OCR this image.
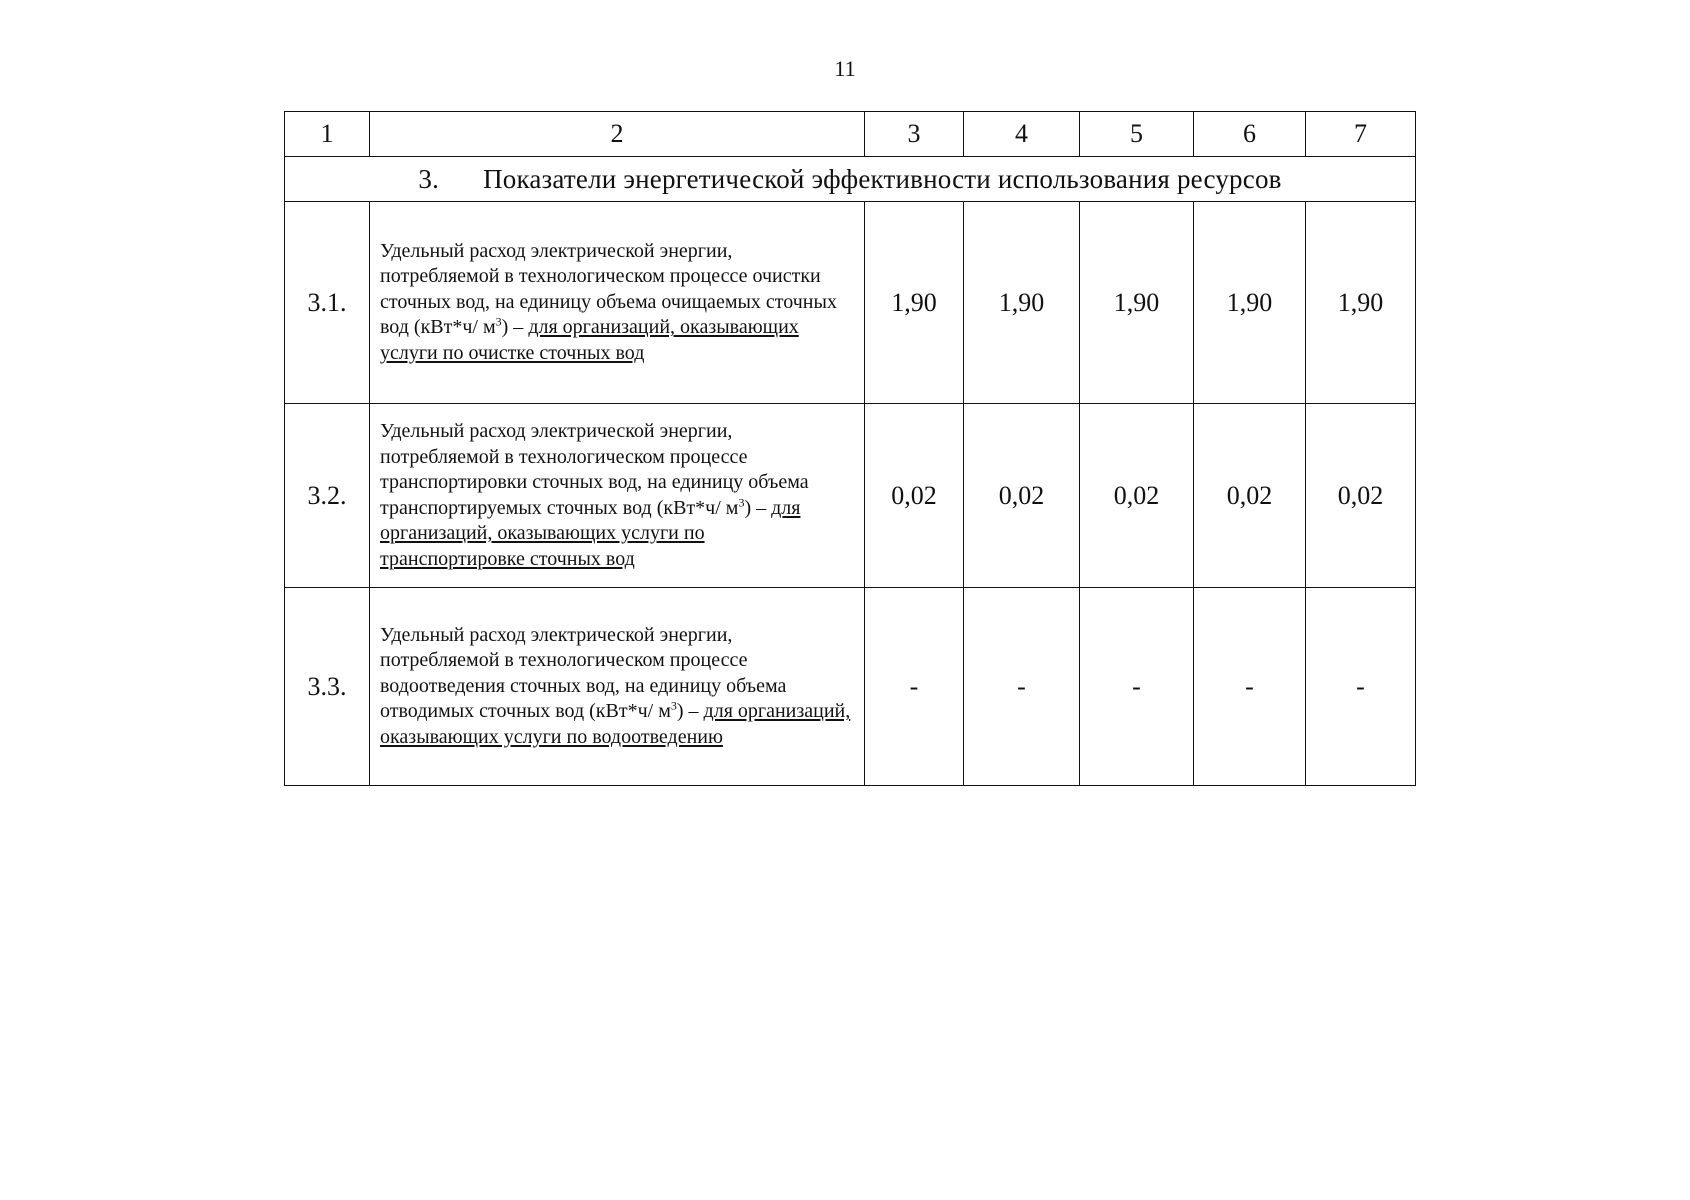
11
1	2	3	4	5	6	7
3. Показатели энергетической эффективности использования ресурсов						
3.1.	Удельный расход электрической энергии, потребляемой в технологическом процессе очистки сточных вод, на единицу объема очищаемых сточных вод (кВт*ч/ $м^3$) – для организаций, оказывающих услуги по очистке сточных вод	1,90	1,90	1,90	1,90	1,90
3.2.	Удельный расход электрической энергии, потребляемой в технологическом процессе транспортировки сточных вод, на единицу объема транспортируемых сточных вод (кВт*ч/ $м^3$) – для организаций, оказывающих услуги по транспортировке сточных вод	0,02	0,02	0,02	0,02	0,02
3.3.	Удельный расход электрической энергии, потребляемой в технологическом процессе водоотведения сточных вод, на единицу объема отводимых сточных вод (кВт*ч/ $м^3$) – для организаций, оказывающих услуги по водоотведению	-	-	-	-	-
